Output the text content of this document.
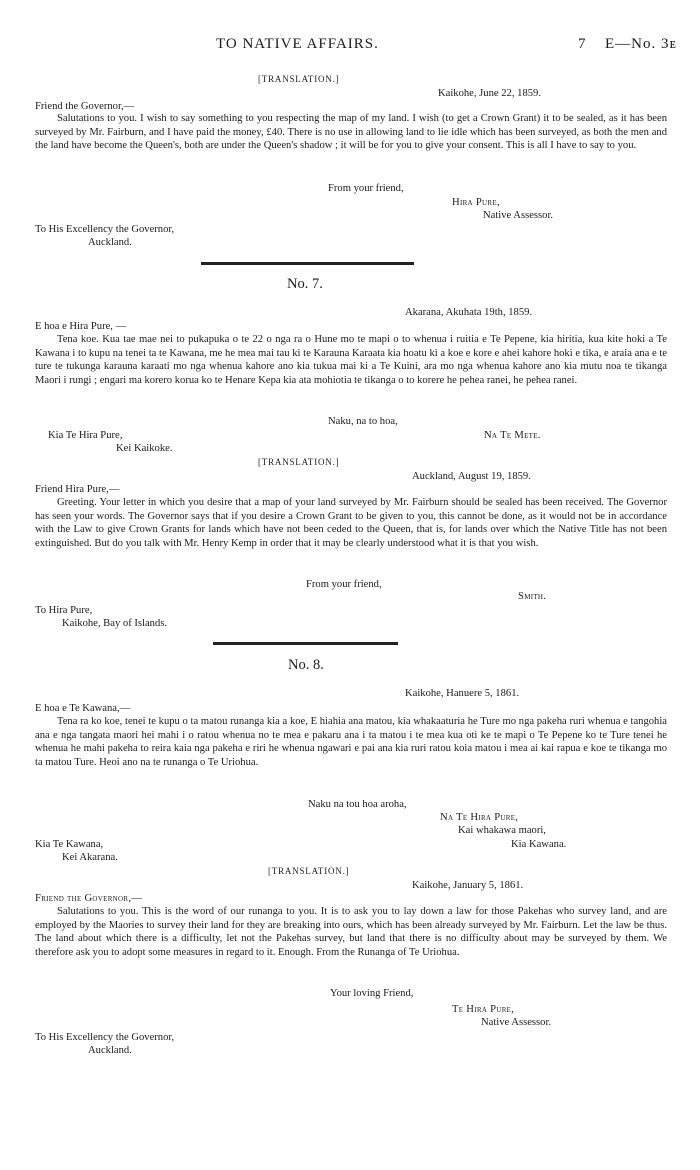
TO NATIVE AFFAIRS.	7 E—No. 3ᴇ
[TRANSLATION.]
Kaikohe, June 22, 1859.
Friend the Governor,—
Salutations to you. I wish to say something to you respecting the map of my land. I wish (to get a Crown Grant) it to be sealed, as it has been surveyed by Mr. Fairburn, and I have paid the money, £40. There is no use in allowing land to lie idle which has been surveyed, as both the men and the land have become the Queen's, both are under the Queen's shadow ; it will be for you to give your consent. This is all I have to say to you.
From your friend,
Hira Pure,
Native Assessor.
To His Excellency the Governor,
Auckland.
No. 7.
Akarana, Akuhata 19th, 1859.
E hoa e Hira Pure, —
Tena koe. Kua tae mae nei to pukapuka o te 22 o nga ra o Hune mo te mapi o to whenua i ruitia e Te Pepene, kia hiritia, kua kite hoki a Te Kawana i to kupu na tenei ta te Kawana, me he mea mai tau ki te Karauna Karaata kia hoatu ki a koe e kore e ahei kahore hoki e tika, e araia ana e te ture te tukunga karauna karaati mo nga whenua kahore ano kia tukua mai ki a Te Kuini, ara mo nga whenua kahore ano kia mutu noa te tikanga Maori i rungi ; engari ma korero korua ko te Henare Kepa kia ata mohiotia te tikanga o to korere he pehea ranei, he pehea ranei.
Naku, na to hoa,
Na Te Mete.
Kia Te Hira Pure,
Kei Kaikoke.
[TRANSLATION.]
Auckland, August 19, 1859.
Friend Hira Pure,—
Greeting. Your letter in which you desire that a map of your land surveyed by Mr. Fairburn should be sealed has been received. The Governor has seen your words. The Governor says that if you desire a Crown Grant to be given to you, this cannot be done, as it would not be in accordance with the Law to give Crown Grants for lands which have not been ceded to the Queen, that is, for lands over which the Native Title has not been extinguished. But do you talk with Mr. Henry Kemp in order that it may be clearly understood what it is that you wish.
From your friend,
Smith.
To Hira Pure,
Kaikohe, Bay of Islands.
No. 8.
Kaikohe, Hanuere 5, 1861.
E hoa e Te Kawana,—
Tena ra ko koe, tenei te kupu o ta matou runanga kia a koe, E hiahia ana matou, kia whakaaturia he Ture mo nga pakeha ruri whenua e tangohia ana e nga tangata maori hei mahi i o ratou whenua no te mea e pakaru ana i ta matou i te mea kua oti ke te mapi o Te Pepene ko te Ture tenei he whenua he mahi pakeha to reira kaia nga pakeha e riri he whenua ngawari e pai ana kia ruri ratou koia matou i mea ai kai rapua e koe te tikanga mo ta matou Ture. Heoi ano na te runanga o Te Uriohua.
Naku na tou hoa aroha,
Na Te Hira Pure,
Kai whakawa maori,
Kia Kawana.
Kia Te Kawana,
Kei Akarana.
[TRANSLATION.]
Kaikohe, January 5, 1861.
Friend the Governor,—
Salutations to you. This is the word of our runanga to you. It is to ask you to lay down a law for those Pakehas who survey land, and are employed by the Maories to survey their land for they are breaking into ours, which has been already surveyed by Mr. Fairburn. Let the law be thus. The land about which there is a difficulty, let not the Pakehas survey, but land that there is no difficulty about may be surveyed by them. We therefore ask you to adopt some measures in regard to it. Enough. From the Runanga of Te Uriohua.
Your loving Friend,
Te Hira Pure,
Native Assessor.
To His Excellency the Governor,
Auckland.
